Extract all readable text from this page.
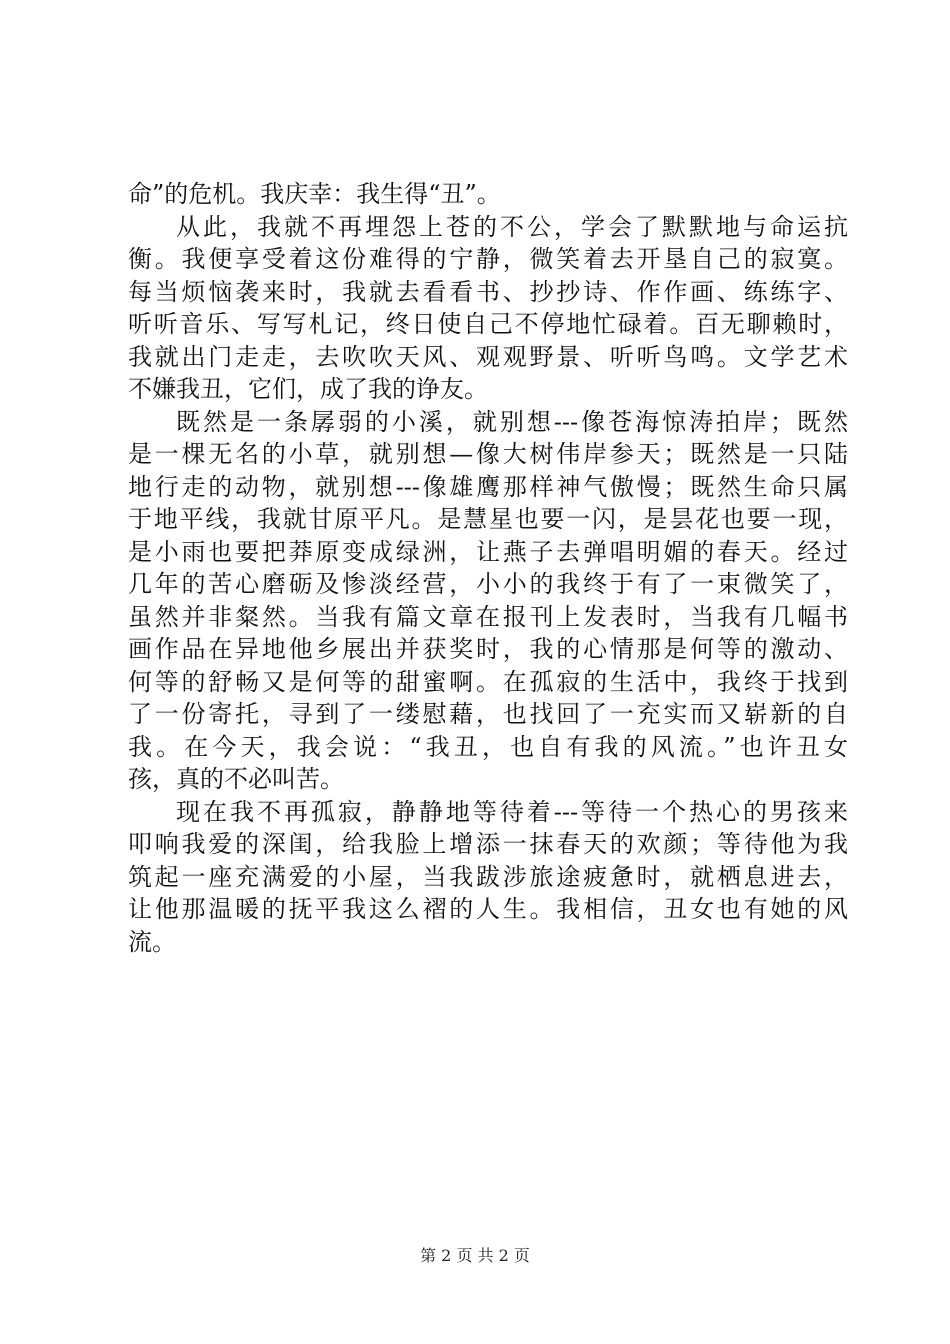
命”的危机。我庆幸：我生得“丑”。
从此，我就不再埋怨上苍的不公，学会了默默地与命运抗
衡。我便享受着这份难得的宁静，微笑着去开垦自己的寂寞。
每当烦恼袭来时，我就去看看书、抄抄诗、作作画、练练字、
听听音乐、写写札记，终日使自己不停地忙碌着。百无聊赖时，
我就出门走走，去吹吹天风、观观野景、听听鸟鸣。文学艺术
不嫌我丑，它们，成了我的诤友。
既然是一条孱弱的小溪，就别想---像苍海惊涛拍岸；既然
是一棵无名的小草，就别想—像大树伟岸参天；既然是一只陆
地行走的动物，就别想---像雄鹰那样神气傲慢；既然生命只属
于地平线，我就甘原平凡。是慧星也要一闪，是昙花也要一现，
是小雨也要把莽原变成绿洲，让燕子去弹唱明媚的春天。经过
几年的苦心磨砺及惨淡经营，小小的我终于有了一束微笑了，
虽然并非粲然。当我有篇文章在报刊上发表时，当我有几幅书
画作品在异地他乡展出并获奖时，我的心情那是何等的激动、
何等的舒畅又是何等的甜蜜啊。在孤寂的生活中，我终于找到
了一份寄托，寻到了一缕慰藉，也找回了一充实而又崭新的自
我。在今天，我会说：“我丑，也自有我的风流。”也许丑女
孩，真的不必叫苦。
现在我不再孤寂，静静地等待着---等待一个热心的男孩来
叩响我爱的深闺，给我脸上增添一抹春天的欢颜；等待他为我
筑起一座充满爱的小屋，当我跋涉旅途疲惫时，就栖息进去，
让他那温暖的抚平我这么褶的人生。我相信，丑女也有她的风
流。
第 2 页 共 2 页
